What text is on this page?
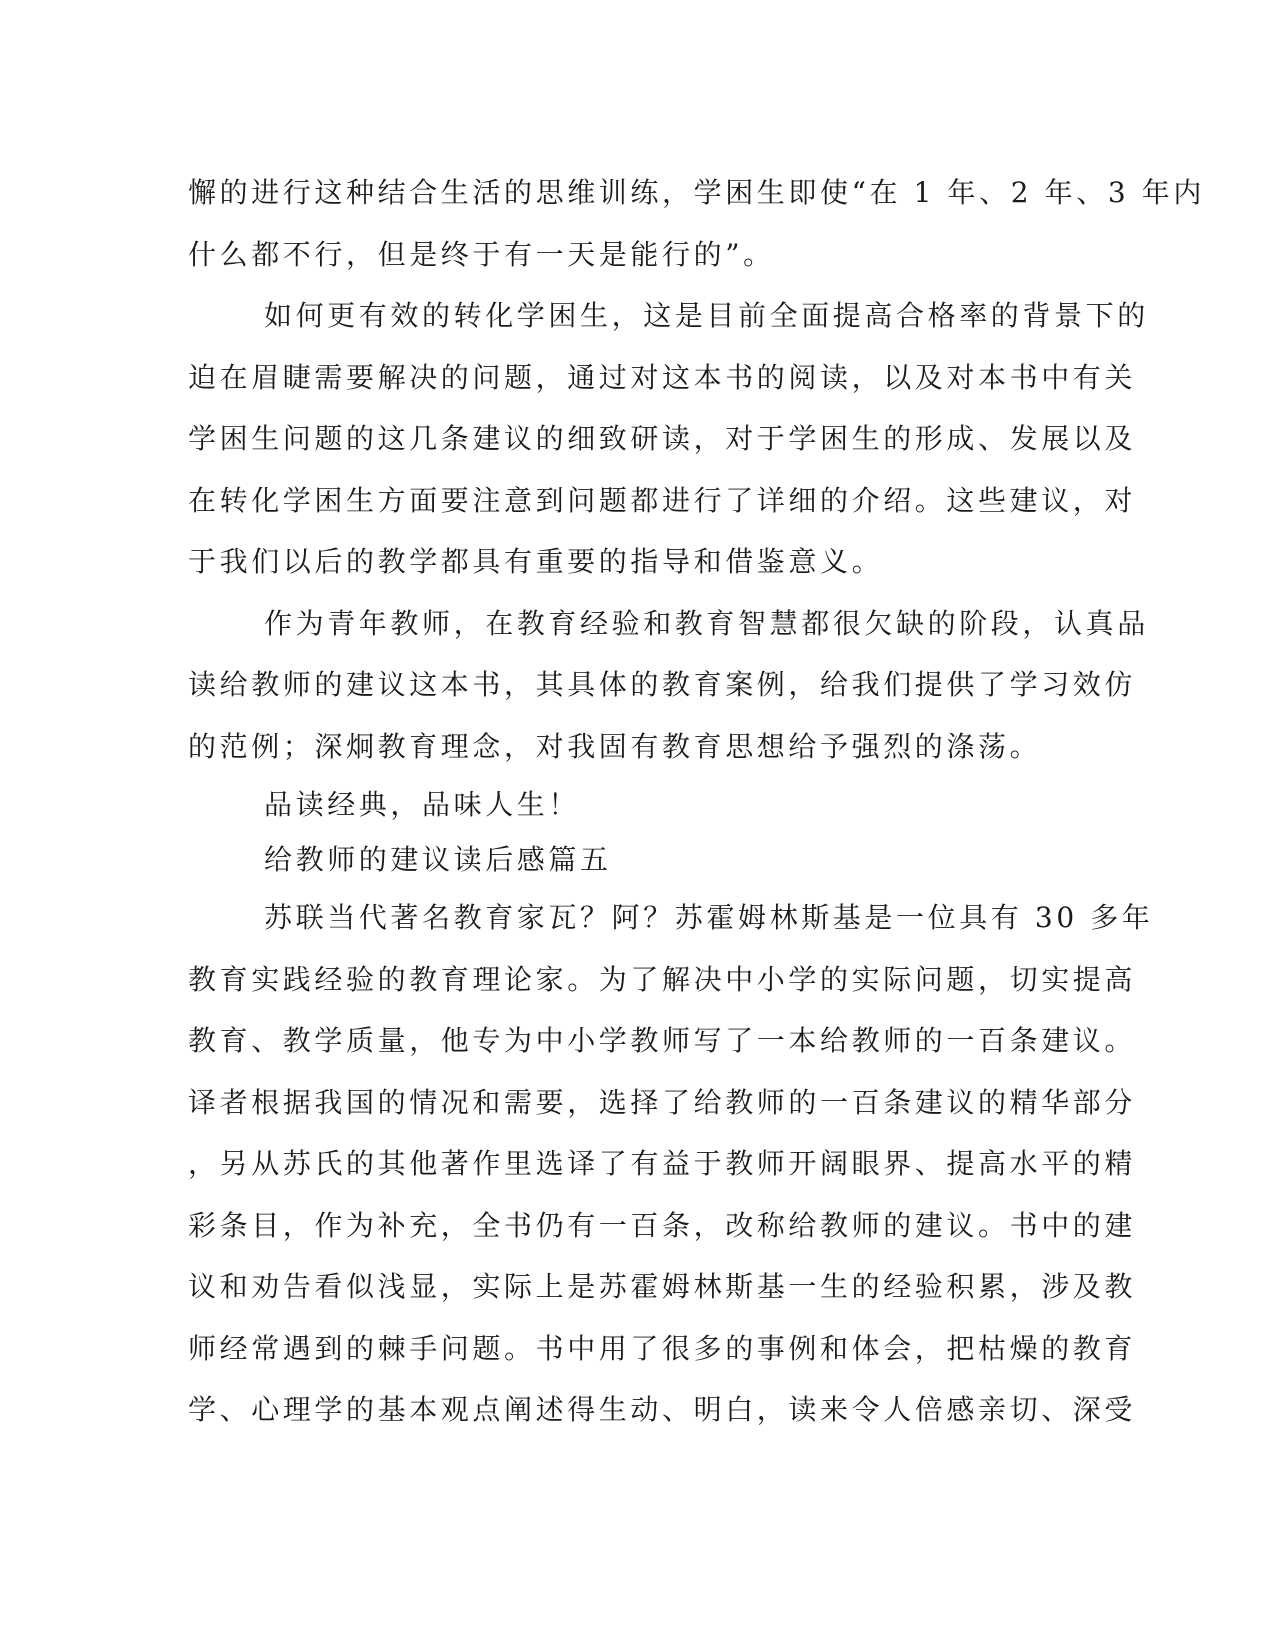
懈的进行这种结合生活的思维训练，学困生即使“在 1 年、2 年、3 年内
什么都不行，但是终于有一天是能行的”。
如何更有效的转化学困生，这是目前全面提高合格率的背景下的
迫在眉睫需要解决的问题，通过对这本书的阅读，以及对本书中有关
学困生问题的这几条建议的细致研读，对于学困生的形成、发展以及
在转化学困生方面要注意到问题都进行了详细的介绍。这些建议，对
于我们以后的教学都具有重要的指导和借鉴意义。
作为青年教师，在教育经验和教育智慧都很欠缺的阶段，认真品
读给教师的建议这本书，其具体的教育案例，给我们提供了学习效仿
的范例；深炯教育理念，对我固有教育思想给予强烈的涤荡。
品读经典，品味人生！
给教师的建议读后感篇五
苏联当代著名教育家瓦？阿？苏霍姆林斯基是一位具有 30 多年
教育实践经验的教育理论家。为了解决中小学的实际问题，切实提高
教育、教学质量，他专为中小学教师写了一本给教师的一百条建议。
译者根据我国的情况和需要，选择了给教师的一百条建议的精华部分
，另从苏氏的其他著作里选译了有益于教师开阔眼界、提高水平的精
彩条目，作为补充，全书仍有一百条，改称给教师的建议。书中的建
议和劝告看似浅显，实际上是苏霍姆林斯基一生的经验积累，涉及教
师经常遇到的棘手问题。书中用了很多的事例和体会，把枯燥的教育
学、心理学的基本观点阐述得生动、明白，读来令人倍感亲切、深受
